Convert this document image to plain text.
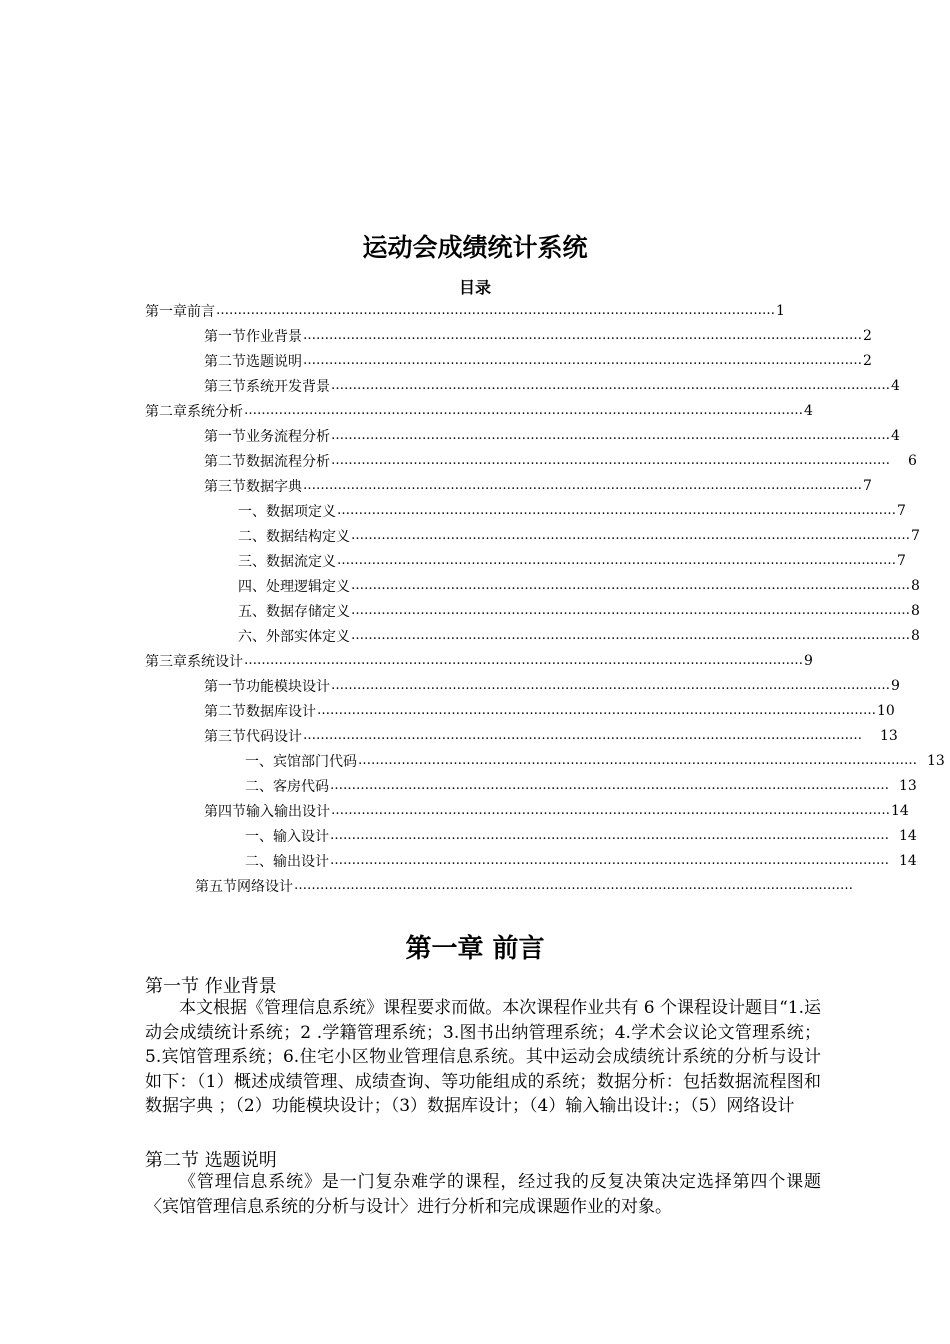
运动会成绩统计系统
目录
第一章 前言 ………………………………………………………………………………………………………………… 1
第一节 作业背景 ………………………………………………………………………………………………………………… 2
第二节 选题说明 ………………………………………………………………………………………………………………… 2
第三节 系统开发背景 ………………………………………………………………………………………………………………… 4
第二章 系统分析 ………………………………………………………………………………………………………………… 4
第一节 业务流程分析 ………………………………………………………………………………………………………………… 4
第二节 数据流程分析 ………………………………………………………………………………………………………………… 6
第三节 数据字典 ………………………………………………………………………………………………………………… 7
一、 数据项定义 ………………………………………………………………………………………………………………… 7
二、 数据结构定义 ………………………………………………………………………………………………………………… 7
三、 数据流定义 ………………………………………………………………………………………………………………… 7
四、 处理逻辑定义 ………………………………………………………………………………………………………………… 8
五、 数据存储定义 ………………………………………………………………………………………………………………… 8
六、 外部实体定义 ………………………………………………………………………………………………………………… 8
第三章 系统设计 ………………………………………………………………………………………………………………… 9
第一节 功能模块设计 ………………………………………………………………………………………………………………… 9
第二节 数据库设计 ………………………………………………………………………………………………………………… 10
第三节 代码设计 ………………………………………………………………………………………………………………… 13
一、 宾馆部门代码 ………………………………………………………………………………………………………………… 13
二、 客房代码 ………………………………………………………………………………………………………………… 13
第四节 输入输出设计 ………………………………………………………………………………………………………………… 14
一、 输入设计 ………………………………………………………………………………………………………………… 14
二、 输出设计 ………………………………………………………………………………………………………………… 14
第五节 网络设计 …………………………………………………………………………………………………………………
第一章 前言
第一节 作业背景
本文根据《管理信息系统》课程要求而做。本次课程作业共有 6 个课程设计题目“1.运动会成绩统计系统；2 .学籍管理系统；3.图书出纳管理系统；4.学术会议论文管理系统；5.宾馆管理系统；6.住宅小区物业管理信息系统。其中运动会成绩统计系统的分析与设计如下：（1）概述成绩管理、成绩查询、等功能组成的系统；数据分析：包括数据流程图和数据字典 ；（2）功能模块设计；（3）数据库设计；（4）输入输出设计:；（5）网络设计
第二节 选题说明
《管理信息系统》是一门复杂难学的课程，经过我的反复决策决定选择第四个课题〈宾馆管理信息系统的分析与设计〉进行分析和完成课题作业的对象。
